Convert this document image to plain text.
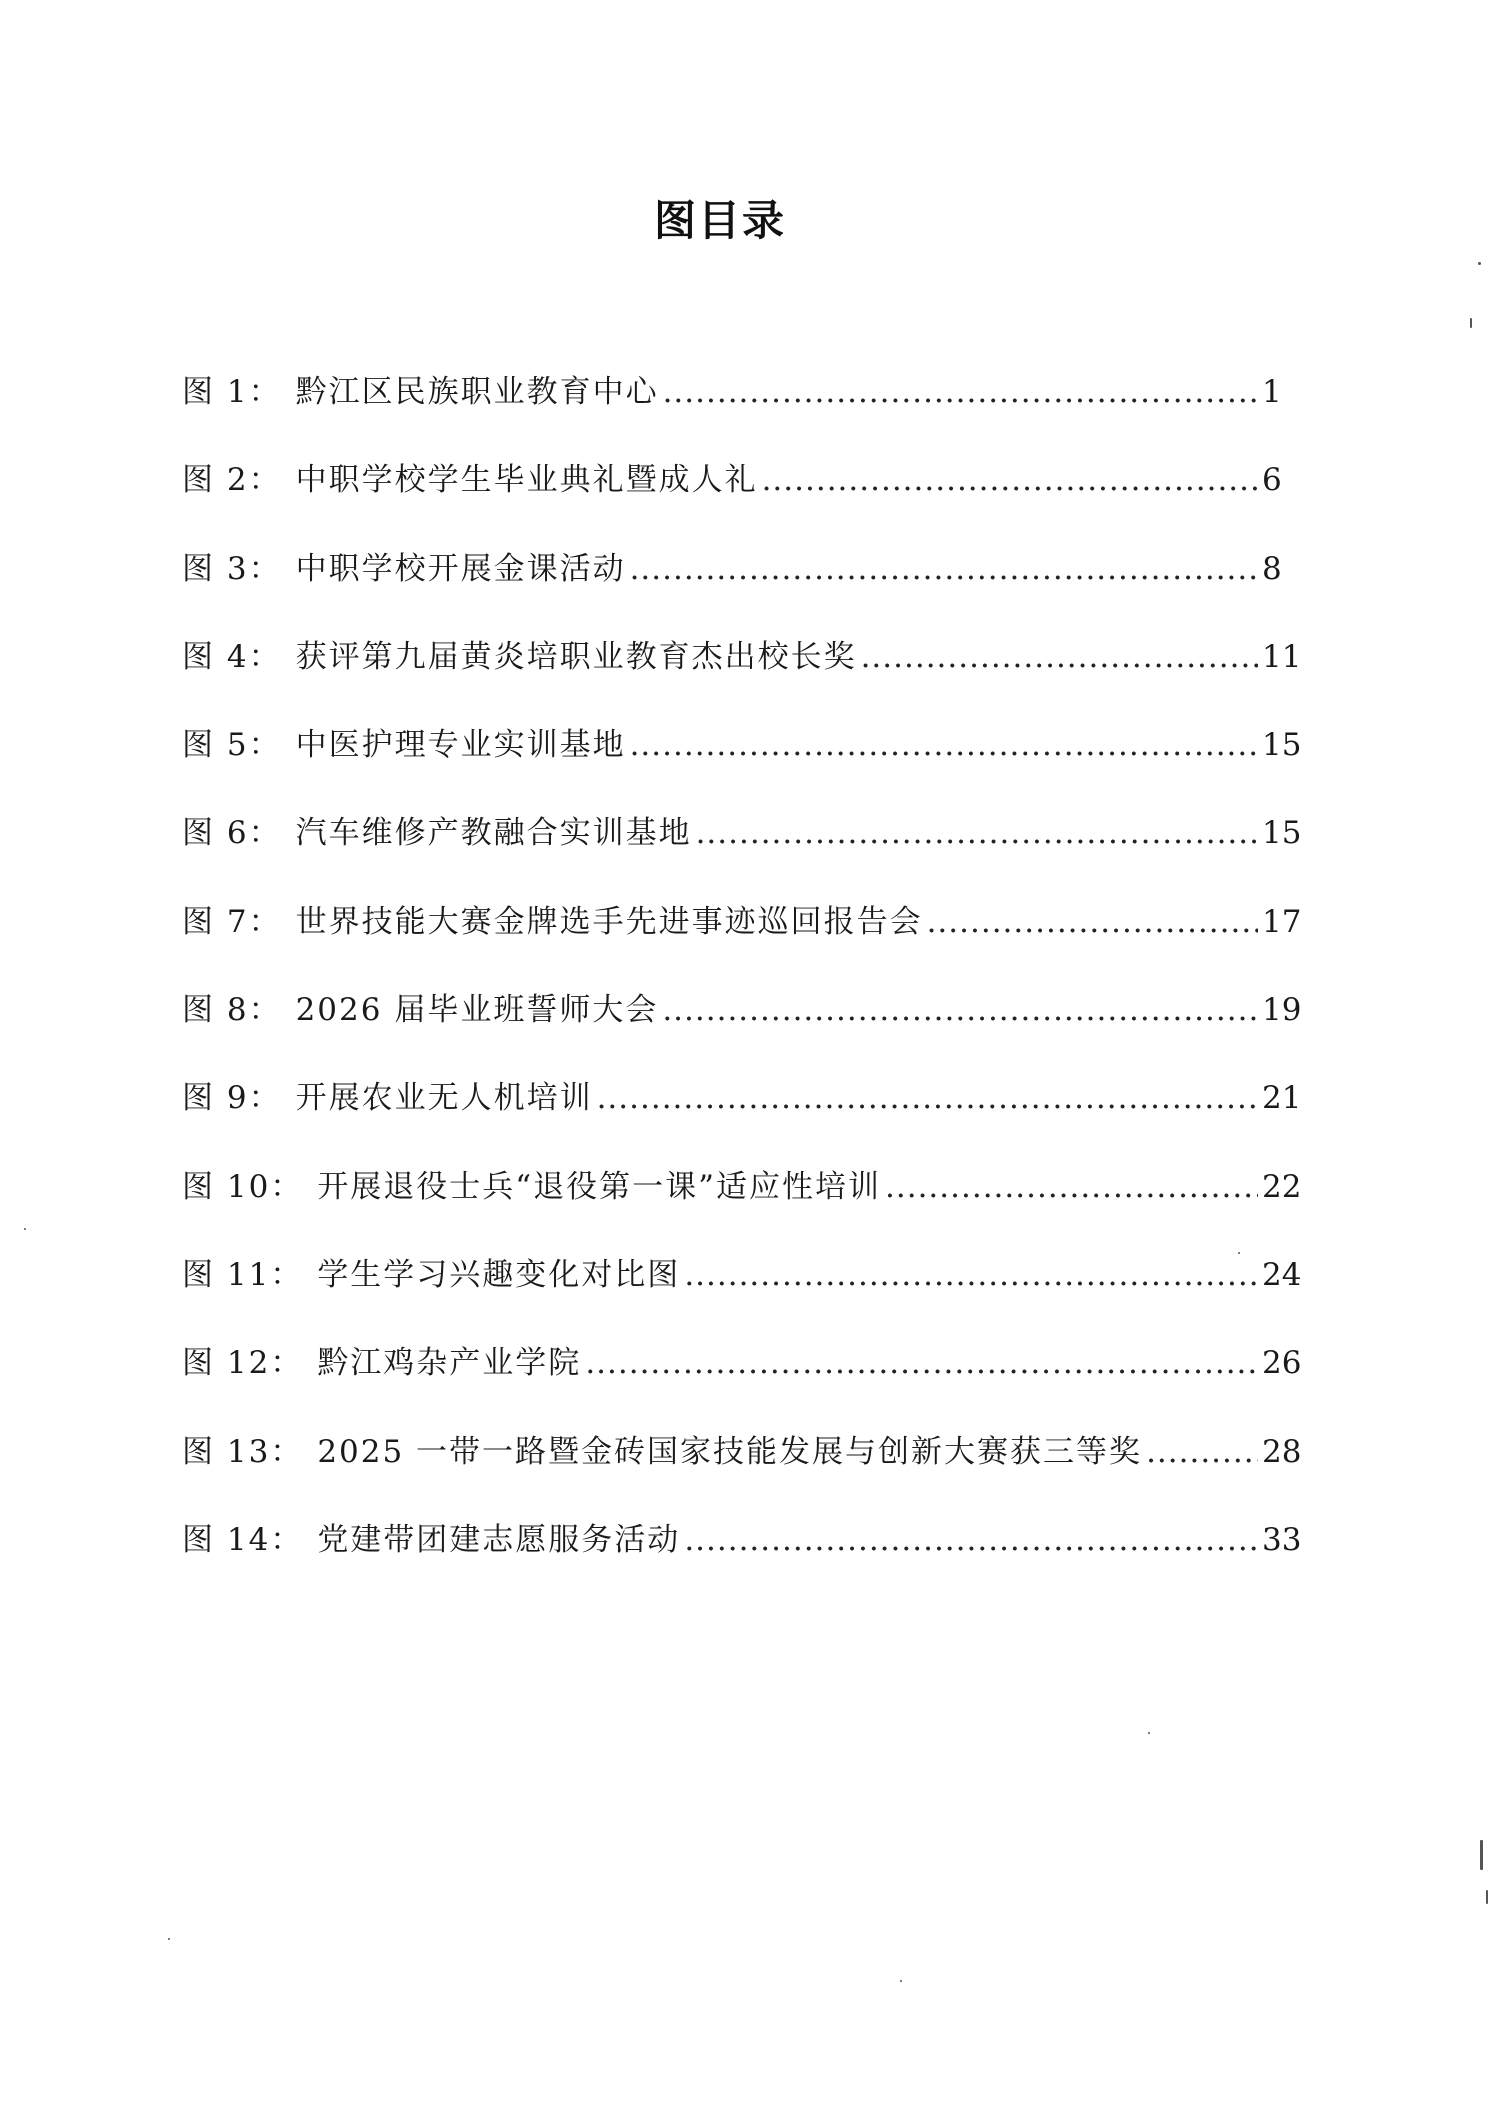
图目录
图 1： 黔江区民族职业教育中心 .....	1
图 2： 中职学校学生毕业典礼暨成人礼 .....	6
图 3： 中职学校开展金课活动 .....	8
图 4： 获评第九届黄炎培职业教育杰出校长奖 .....	11
图 5： 中医护理专业实训基地 .....	15
图 6： 汽车维修产教融合实训基地 .....	15
图 7： 世界技能大赛金牌选手先进事迹巡回报告会 .....	17
图 8： 2026 届毕业班誓师大会 .....	19
图 9： 开展农业无人机培训 .....	21
图 10： 开展退役士兵“退役第一课”适应性培训 .....	22
图 11： 学生学习兴趣变化对比图 .....	24
图 12： 黔江鸡杂产业学院 .....	26
图 13： 2025 一带一路暨金砖国家技能发展与创新大赛获三等奖 .....	28
图 14： 党建带团建志愿服务活动 .....	33
